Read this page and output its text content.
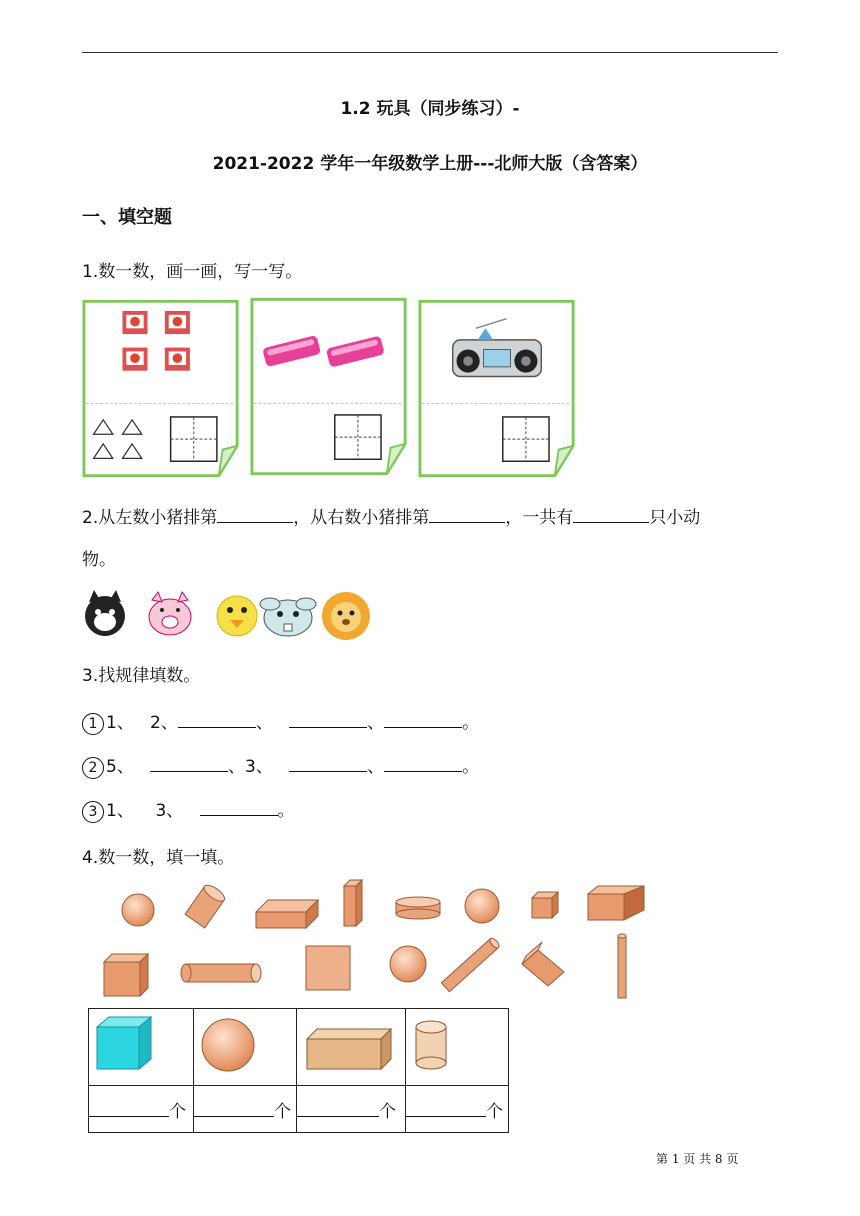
1.2 玩具（同步练习）-
2021-2022 学年一年级数学上册---北师大版（含答案）
一、填空题
1.数一数，画一画，写一写。
2.从左数小猪排第	，从右数小猪排第	，一共有	只小动
物。
3.找规律填数。
1 1、 2、	、	、	。
2 5、	、3、	、	。
3 1、 3、	。
4.数一数，填一填。

个	个	个	个
第 1 页 共 8 页
